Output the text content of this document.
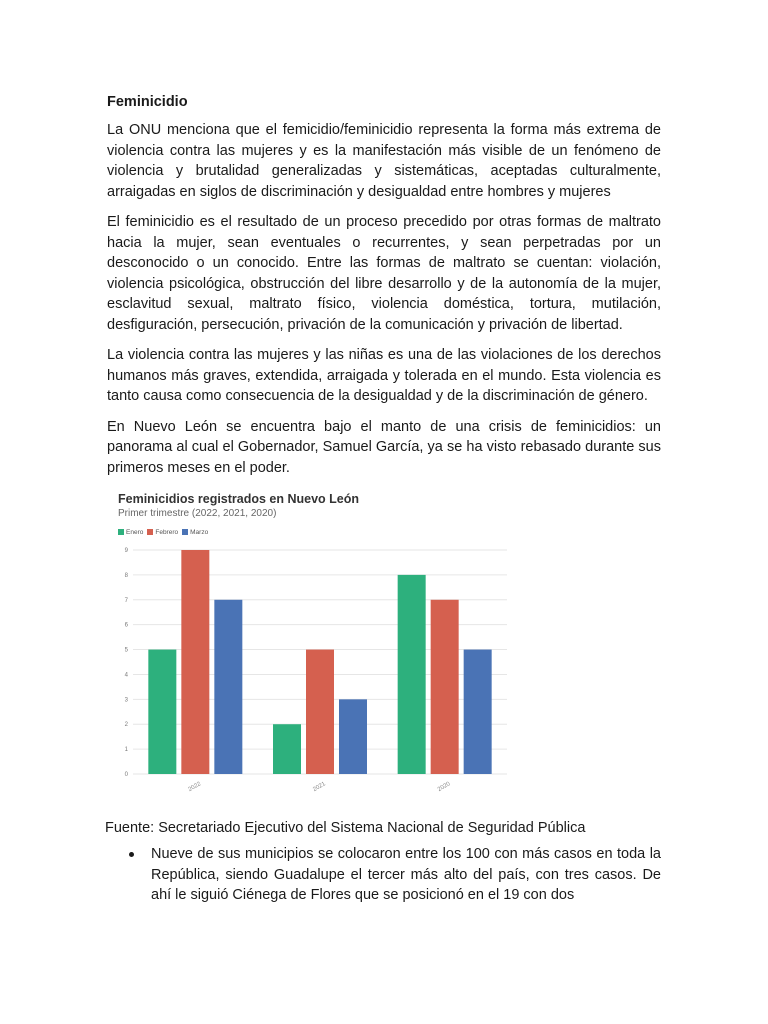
Feminicidio

La ONU menciona que el femicidio/feminicidio representa la forma más extrema de violencia contra las mujeres y es la manifestación más visible de un fenómeno de violencia y brutalidad generalizadas y sistemáticas, aceptadas culturalmente, arraigadas en siglos de discriminación y desigualdad entre hombres y mujeres

El feminicidio es el resultado de un proceso precedido por otras formas de maltrato hacia la mujer, sean eventuales o recurrentes, y sean perpetradas por un desconocido o un conocido. Entre las formas de maltrato se cuentan: violación, violencia psicológica, obstrucción del libre desarrollo y de la autonomía de la mujer, esclavitud sexual, maltrato físico, violencia doméstica, tortura, mutilación, desfiguración, persecución, privación de la comunicación y privación de libertad.

La violencia contra las mujeres y las niñas es una de las violaciones de los derechos humanos más graves, extendida, arraigada y tolerada en el mundo. Esta violencia es tanto causa como consecuencia de la desigualdad y de la discriminación de género.

En Nuevo León se encuentra bajo el manto de una crisis de feminicidios: un panorama al cual el Gobernador, Samuel García, ya se ha visto rebasado durante sus primeros meses en el poder.

Feminicidios registrados en Nuevo León
Primer trimestre (2022, 2021, 2020)
Enero Febrero Marzo
0
1
2
3
4
5
6
7
8
9
2022	2021	2020
Fuente: Secretariado Ejecutivo del Sistema Nacional de Seguridad Pública
Nueve de sus municipios se colocaron entre los 100 con más casos en toda la República, siendo Guadalupe el tercer más alto del país, con tres casos. De ahí le siguió Ciénega de Flores que se posicionó en el 19 con dos
